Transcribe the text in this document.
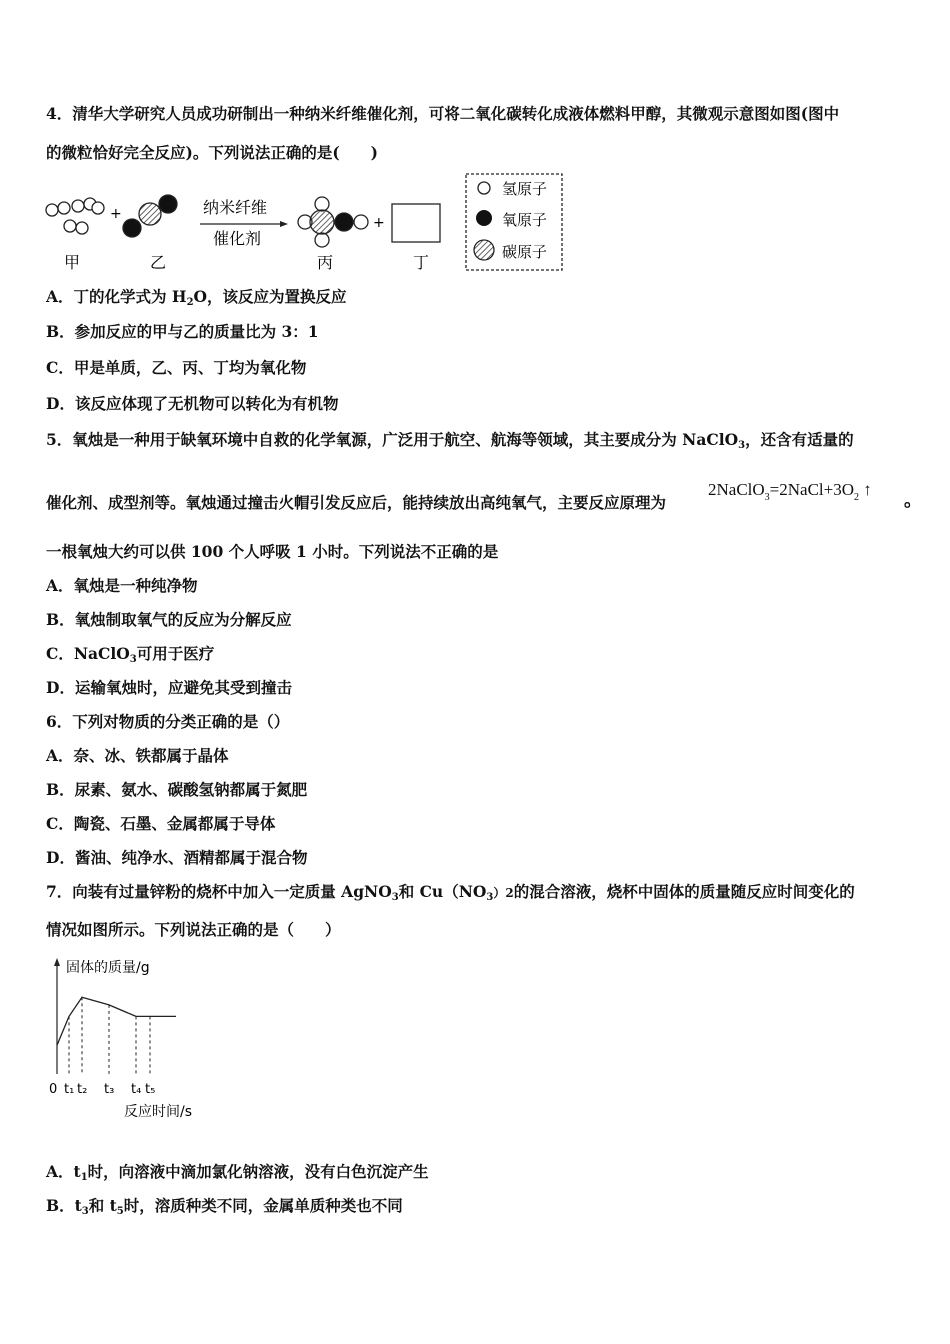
4．清华大学研究人员成功研制出一种纳米纤维催化剂，可将二氧化碳转化成液体燃料甲醇，其微观示意图如图(图中
的微粒恰好完全反应)。下列说法正确的是(　　)
+	纳米纤维
催化剂
+
甲	乙	丙	丁
氢原子
氧原子
碳原子
A．丁的化学式为 $H_2O$，该反应为置换反应
B．参加反应的甲与乙的质量比为 3：1
C．甲是单质，乙、丙、丁均为氧化物
D．该反应体现了无机物可以转化为有机物
5．氧烛是一种用于缺氧环境中自救的化学氧源，广泛用于航空、航海等领域，其主要成分为 NaClO$_3$，还含有适量的
催化剂、成型剂等。氧烛通过撞击火帽引发反应后，能持续放出高纯氧气，主要反应原理为
$2NaClO_3=2NaCl+3O_2$ ↑
。
一根氧烛大约可以供 100 个人呼吸 1 小时。下列说法不正确的是
A．氧烛是一种纯净物
B．氧烛制取氧气的反应为分解反应
C．NaClO$_3$可用于医疗
D．运输氧烛时，应避免其受到撞击
6．下列对物质的分类正确的是（）
A．奈、冰、铁都属于晶体
B．尿素、氨水、碳酸氢钠都属于氮肥
C．陶瓷、石墨、金属都属于导体
D．酱油、纯净水、酒精都属于混合物
7．向装有过量锌粉的烧杯中加入一定质量 AgNO$_3$和 $Cu(NO_3)2$的混合溶液，烧杯中固体的质量随反应时间变化的
情况如图所示。下列说法正确的是（　　）
固体的质量/g
反应时间/s
0 t₁ t₂ t₃ t₄ t₅
A．$t_1$时，向溶液中滴加氯化钠溶液，没有白色沉淀产生
B．$t_3$和 $t_5$时，溶质种类不同，金属单质种类也不同
